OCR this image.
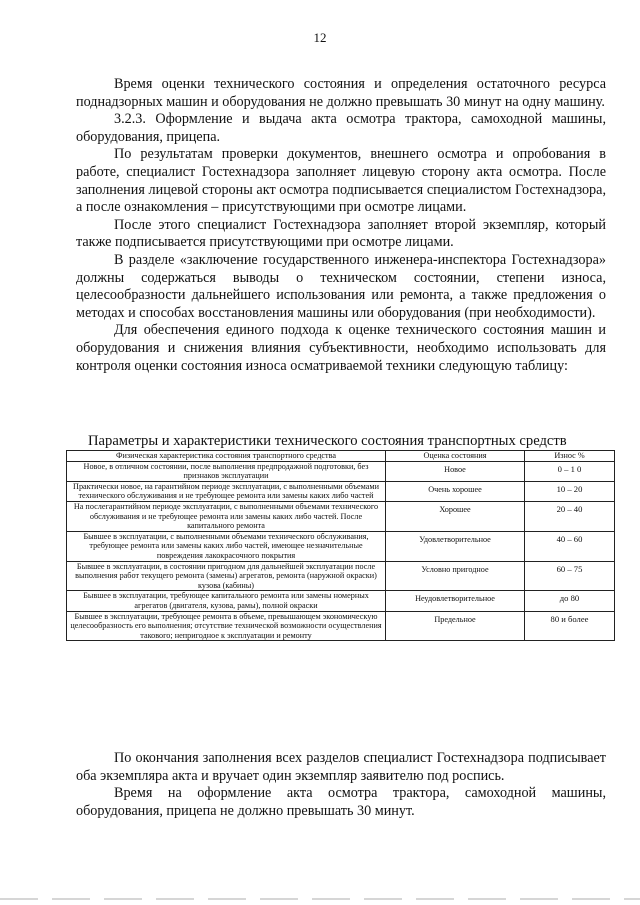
12

Время оценки технического состояния и определения остаточного ресурса поднадзорных машин и оборудования не должно превышать 30 минут на одну машину.

3.2.3. Оформление и выдача акта осмотра трактора, самоходной машины, оборудования, прицепа.

По результатам проверки документов, внешнего осмотра и опробования в работе, специалист Гостехнадзора заполняет лицевую сторону акта осмотра. После заполнения лицевой стороны акт осмотра подписывается специалистом Гостехнадзора, а после ознакомления – присутствующими при осмотре лицами.

После этого специалист Гостехнадзора заполняет второй экземпляр, который также подписывается присутствующими при осмотре лицами.

В разделе «заключение государственного инженера-инспектора Гостехнадзора» должны содержаться выводы о техническом состоянии, степени износа, целесообразности дальнейшего использования или ремонта, а также предложения о методах и способах восстановления машины или оборудования (при необходимости).

Для обеспечения единого подхода к оценке технического состояния машин и оборудования и снижения влияния субъективности, необходимо использовать для контроля оценки состояния износа осматриваемой техники следующую таблицу:

Параметры и характеристики технического состояния транспортных средств
Физическая характеристика состояния транспортного средства	Оценка состояния	Износ %
Новое, в отличном состоянии, после выполнения предпродажной подготовки, без признаков эксплуатации	Новое	0 – 1 0
Практически новое, на гарантийном периоде эксплуатации, с выполненными объемами технического обслуживания и не требующее ремонта или замены каких либо частей	Очень хорошее	10 – 20
На послегарантийном периоде эксплуатации, с выполненными объемами технического обслуживания и не требующее ремонта или замены каких либо частей. После капитального ремонта	Хорошее	20 – 40
Бывшее в эксплуатации, с выполненными объемами технического обслуживания, требующее ремонта или замены каких либо частей, имеющее незначительные повреждения лакокрасочного покрытия	Удовлетворительное	40 – 60
Бывшее в эксплуатации, в состоянии пригодном для дальнейшей эксплуатации после выполнения работ текущего ремонта (замены) агрегатов, ремонта (наружной окраски) кузова (кабины)	Условно пригодное	60 – 75
Бывшее в эксплуатации, требующее капитального ремонта или замены номерных агрегатов (двигателя, кузова, рамы), полной окраски	Неудовлетворительное	до 80
Бывшее в эксплуатации, требующее ремонта в объеме, превышающем экономическую целесообразность его выполнения; отсутствие технической возможности осуществления такового; непригодное к эксплуатации и ремонту	Предельное	80 и более

По окончания заполнения всех разделов специалист Гостехнадзора подписывает оба экземпляра акта и вручает один экземпляр заявителю под роспись.

Время на оформление акта осмотра трактора, самоходной машины, оборудования, прицепа не должно превышать 30 минут.
